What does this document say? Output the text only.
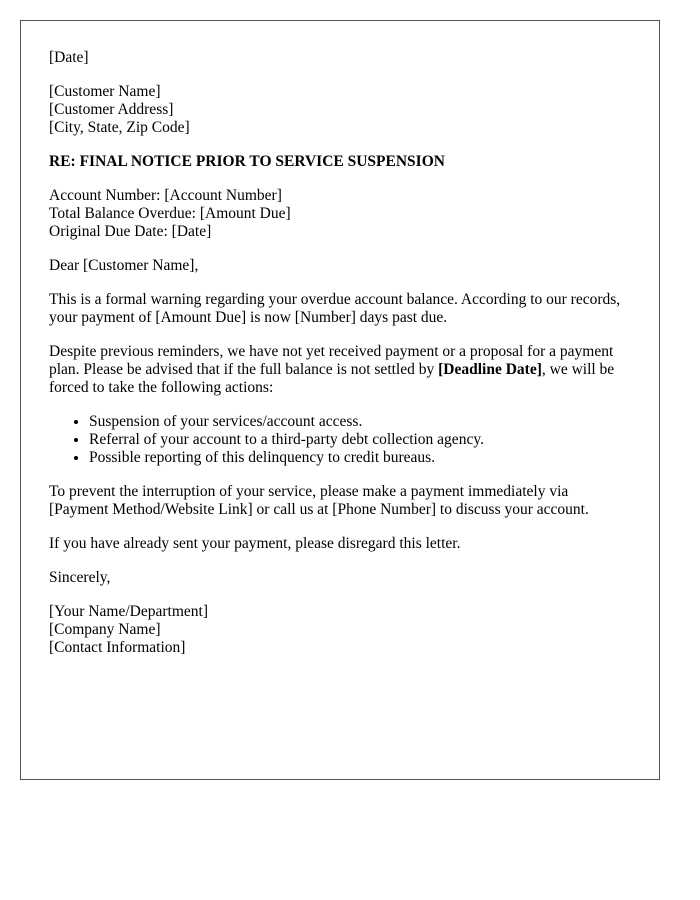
[Date]
[Customer Name]
[Customer Address]
[City, State, Zip Code]
RE: FINAL NOTICE PRIOR TO SERVICE SUSPENSION
Account Number: [Account Number]
Total Balance Overdue: [Amount Due]
Original Due Date: [Date]
Dear [Customer Name],
This is a formal warning regarding your overdue account balance. According to our records, your payment of [Amount Due] is now [Number] days past due.
Despite previous reminders, we have not yet received payment or a proposal for a payment plan. Please be advised that if the full balance is not settled by [Deadline Date], we will be forced to take the following actions:
• Suspension of your services/account access.
• Referral of your account to a third-party debt collection agency.
• Possible reporting of this delinquency to credit bureaus.
To prevent the interruption of your service, please make a payment immediately via [Payment Method/Website Link] or call us at [Phone Number] to discuss your account.
If you have already sent your payment, please disregard this letter.
Sincerely,
[Your Name/Department]
[Company Name]
[Contact Information]
